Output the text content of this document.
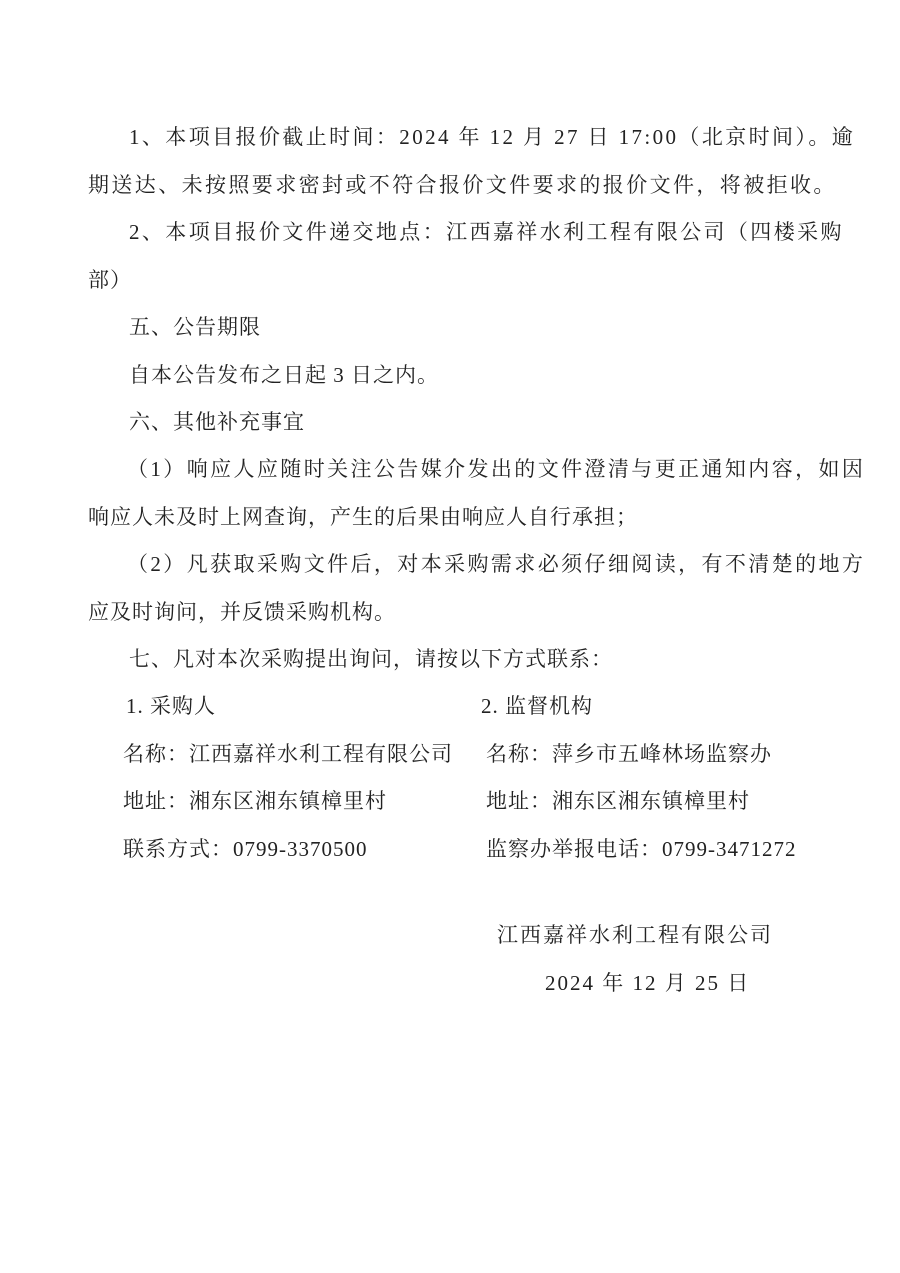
1、本项目报价截止时间：2024 年 12 月 27 日 17:00（北京时间）。逾
期送达、未按照要求密封或不符合报价文件要求的报价文件，将被拒收。
2、本项目报价文件递交地点：江西嘉祥水利工程有限公司（四楼采购
部）
五、公告期限
自本公告发布之日起 3 日之内。
六、其他补充事宜
（1）响应人应随时关注公告媒介发出的文件澄清与更正通知内容，如因
响应人未及时上网查询，产生的后果由响应人自行承担；
（2）凡获取采购文件后，对本采购需求必须仔细阅读，有不清楚的地方
应及时询问，并反馈采购机构。
七、凡对本次采购提出询问，请按以下方式联系：
1. 采购人	2. 监督机构
名称：江西嘉祥水利工程有限公司 名称：萍乡市五峰林场监察办
地址：湘东区湘东镇樟里村	地址：湘东区湘东镇樟里村
联系方式：0799-3370500	监察办举报电话：0799-3471272
江西嘉祥水利工程有限公司
2024 年 12 月 25 日
